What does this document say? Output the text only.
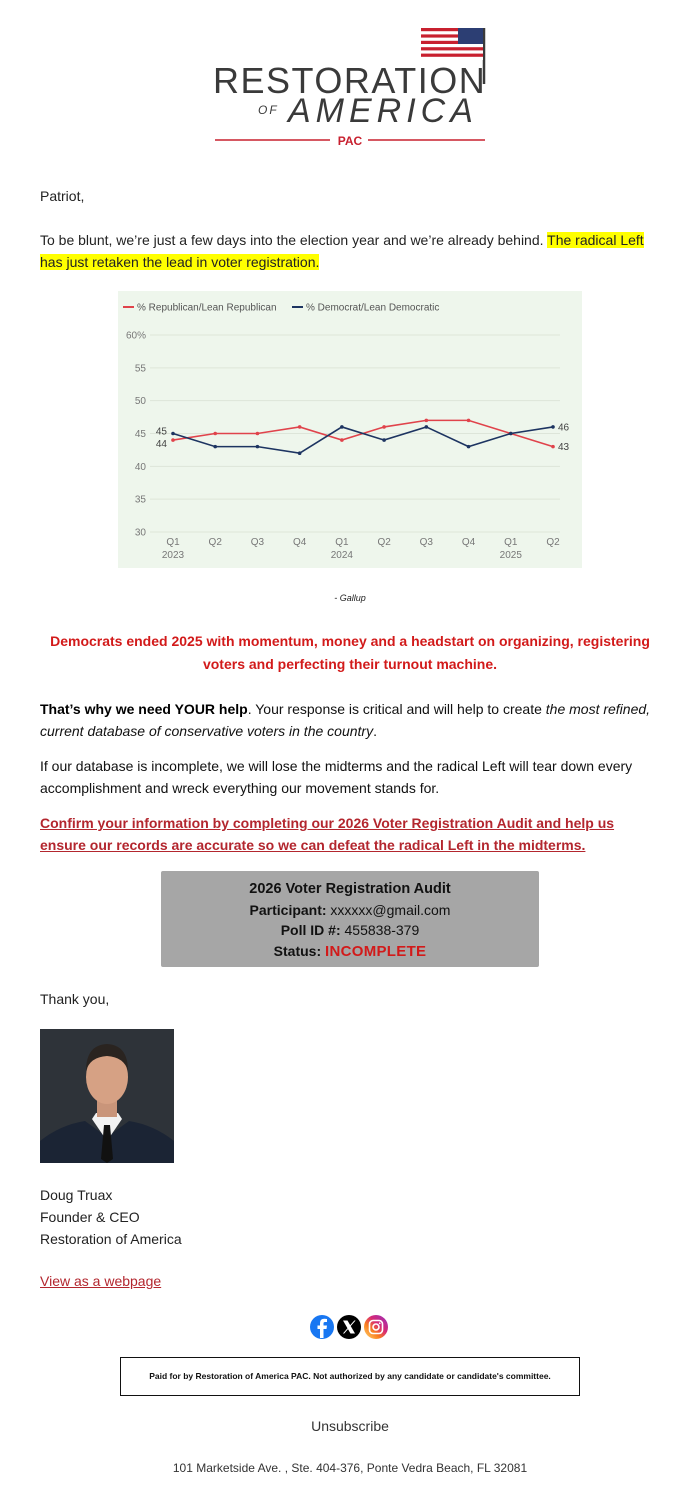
RESTORATION
OF AMERICA
PAC
Patriot,
To be blunt, we’re just a few days into the election year and we’re already behind. The radical Left has just retaken the lead in voter registration.
% Republican/Lean Republican	% Democrat/Lean Democratic
60%
55
50
45
40
35
30
Q1	Q2	Q3	Q4	Q1	Q2	Q3	Q4	Q1	Q2
2023	2024	2025
44	43
45	46
- Gallup
Democrats ended 2025 with momentum, money and a headstart on organizing, registering voters and perfecting their turnout machine.
That’s why we need YOUR help. Your response is critical and will help to create the most refined, current database of conservative voters in the country.
If our database is incomplete, we will lose the midterms and the radical Left will tear down every accomplishment and wreck everything our movement stands for.
Confirm your information by completing our 2026 Voter Registration Audit and help us ensure our records are accurate so we can defeat the radical Left in the midterms.
2026 Voter Registration Audit
Participant: xxxxxx@gmail.com
Poll ID #: 455838-379
Status: INCOMPLETE
Thank you,
Doug Truax
Founder & CEO
Restoration of America
View as a webpage
Paid for by Restoration of America PAC. Not authorized by any candidate or candidate's committee.
Unsubscribe
101 Marketside Ave. , Ste. 404-376, Ponte Vedra Beach, FL 32081
